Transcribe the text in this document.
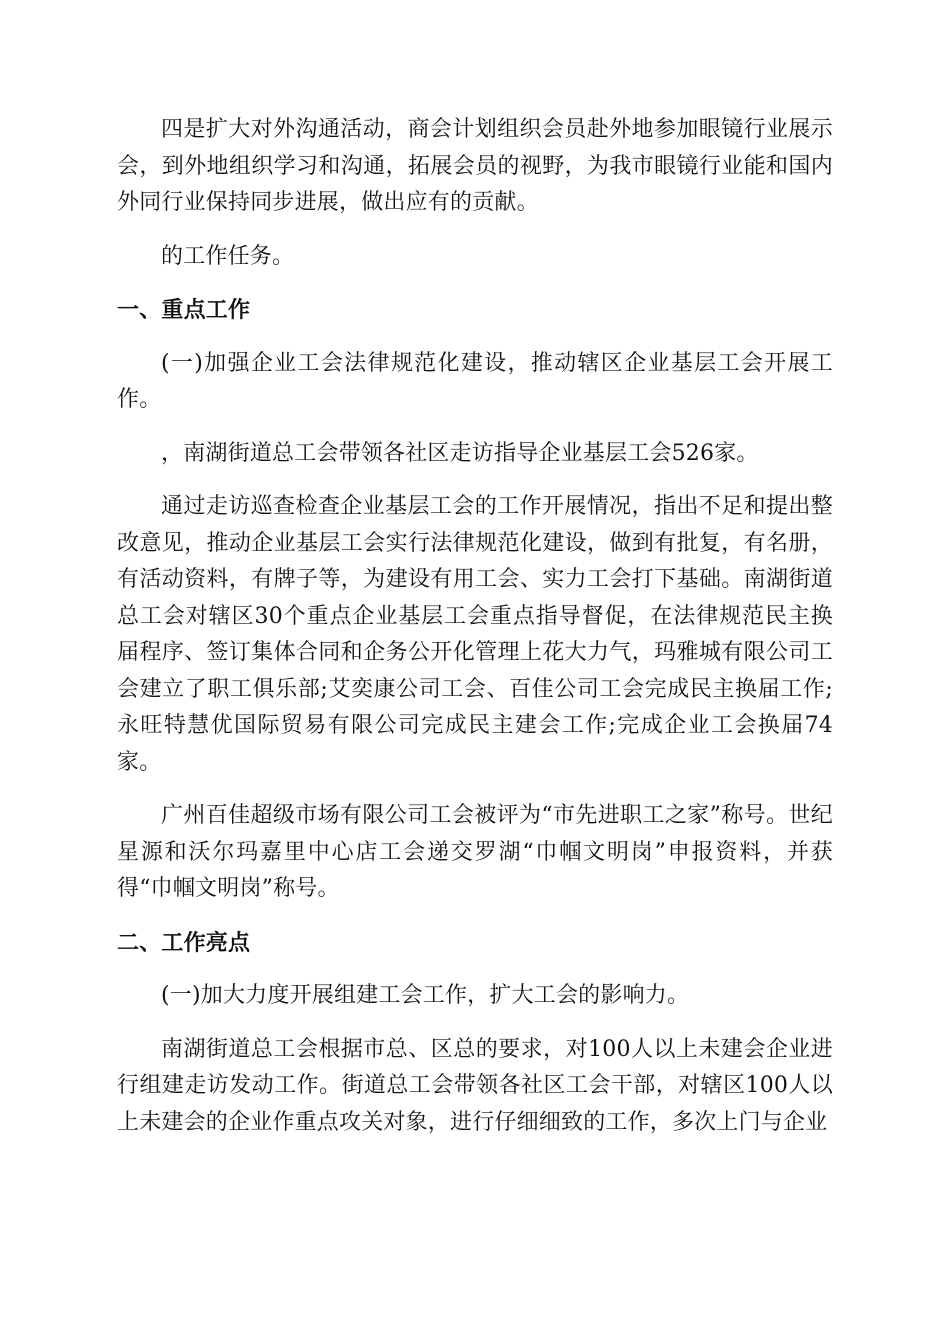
四是扩大对外沟通活动，商会计划组织会员赴外地参加眼镜行业展示会，到外地组织学习和沟通，拓展会员的视野，为我市眼镜行业能和国内外同行业保持同步进展，做出应有的贡献。

的工作任务。

一、重点工作

(一)加强企业工会法律规范化建设，推动辖区企业基层工会开展工作。

，南湖街道总工会带领各社区走访指导企业基层工会526家。

通过走访巡查检查企业基层工会的工作开展情况，指出不足和提出整改意见，推动企业基层工会实行法律规范化建设，做到有批复，有名册，有活动资料，有牌子等，为建设有用工会、实力工会打下基础。南湖街道总工会对辖区30个重点企业基层工会重点指导督促，在法律规范民主换届程序、签订集体合同和企务公开化管理上花大力气，玛雅城有限公司工会建立了职工俱乐部;艾奕康公司工会、百佳公司工会完成民主换届工作;永旺特慧优国际贸易有限公司完成民主建会工作;完成企业工会换届74家。

广州百佳超级市场有限公司工会被评为“市先进职工之家”称号。世纪星源和沃尔玛嘉里中心店工会递交罗湖“巾帼文明岗”申报资料，并获得“巾帼文明岗”称号。

二、工作亮点

(一)加大力度开展组建工会工作，扩大工会的影响力。

南湖街道总工会根据市总、区总的要求，对100人以上未建会企业进行组建走访发动工作。街道总工会带领各社区工会干部，对辖区100人以上未建会的企业作重点攻关对象，进行仔细细致的工作，多次上门与企业
